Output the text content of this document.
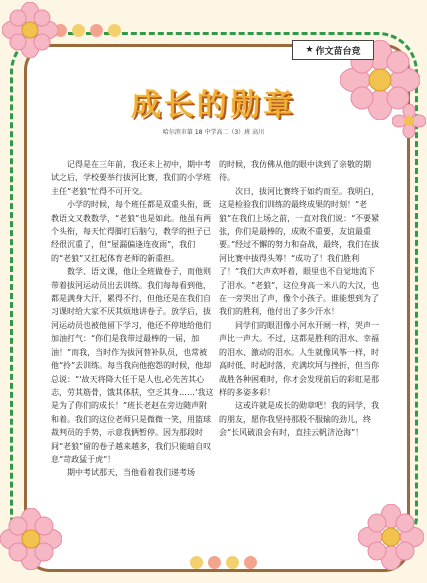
★ 作文苗台竞
成长的勋章
哈尔滨市第 18 中学高二（3）班 高川

记得是在三年前，我还未上初中，期中考试之后，学校要举行拔河比赛，我们的小学班主任“老狼”忙得不可开交。

小学的时候，每个班任都是双重头衔，既教语文又教数学，“老狼”也是如此。他虽有两个头衔，每天忙得脚打后脑勺，教学的担子已经很沉重了，但“屋漏偏逢连夜雨”，我们的“老狼”又扛起体育老师的新重担。

数学、语文课，他让全班做卷子，而他则带着拔河运动员出去训练。我们每每看到他，都是满身大汗，累得不行，但他还是在我们自习课时给大家不厌其烦地讲卷子。放学后，拔河运动员也被他留下学习，他还不停地给他们加油打气：“你们是我带过最棒的一届，加油！”而我，当时作为拔河替补队员，也常被他“拎”去训练。每当我向他抱怨的时候，他却总说：“‘故天将降大任于是人也,必先苦其心志，劳其筋骨，饿其体肤，空乏其身……’我这是为了你们的成长！”班长老赵在旁边随声附和着。我们的这位老师只是微微一笑，用篮球裁判员的手势，示意我俩暂停。因为那段时间“老狼”留的卷子越来越多，我们只能暗自叹息“苛政猛于虎”！

期中考试那天，当他看着我们递考场

的时候，我仿佛从他的眼中读到了亲敬的期待。

次日，拔河比赛终于如约而至。我明白，这是检验我们训练的最终成果的时刻！“老狼”在我们上场之前，一直对我们说：“不要紧张，你们是最棒的，成败不重要，友谊最重要。”经过不懈的努力和奋战，最终，我们在拔河比赛中拔得头筹！“成功了！我们胜利了！”我们大声欢呼着，眼里也不自觉地流下了泪水。“老狼”，这位身高一米八的大汉，也在一旁哭出了声，像个小孩子。谁能想到为了我们的胜利，他付出了多少汗水！

同学们的眼泪像小河水开闸一样，哭声一声比一声大。不过，这都是胜利的泪水、幸福的泪水、激动的泪水。人生就像风筝一样，时高时低、时起时落，充满坎坷与挫折，但当你战胜各种困难时，你才会发现前后的彩虹是那样的多姿多彩！

这或许就是成长的勋章吧！我的同学，我的朋友，愿你我坚持那股不服输的劲儿，终会“长风破浪会有时，直挂云帆济沧海”！
